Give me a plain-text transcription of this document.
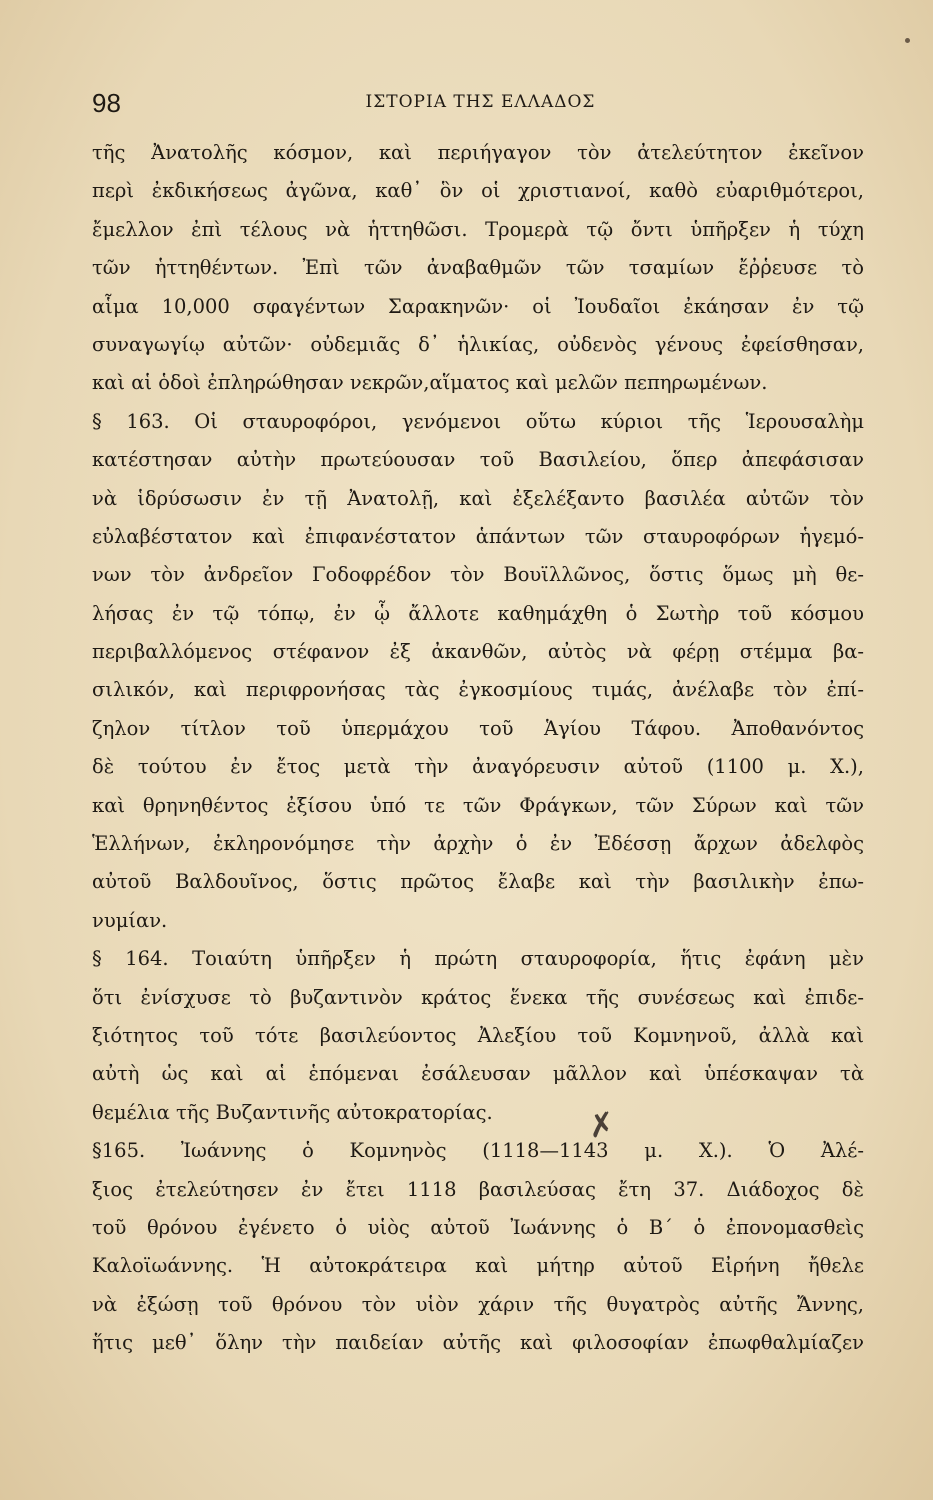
98	ΙΣΤΟΡΙΑ ΤΗΣ ΕΛΛΑΔΟΣ
τῆς Ἀνατολῆς κόσμον, καὶ περιήγαγον τὸν ἀτελεύτητον ἐκεῖνον
περὶ ἐκδικήσεως ἀγῶνα, καθ᾽ ὃν οἱ χριστιανοί, καθὸ εὐαριθμότεροι,
ἔμελλον ἐπὶ τέλους νὰ ἡττηθῶσι. Τρομερὰ τῷ ὄντι ὑπῆρξεν ἡ τύχη
τῶν ἡττηθέντων. Ἐπὶ τῶν ἀναβαθμῶν τῶν τσαμίων ἔῤῥευσε τὸ
αἷμα 10,000 σφαγέντων Σαρακηνῶν· οἱ Ἰουδαῖοι ἐκάησαν ἐν τῷ
συναγωγίῳ αὐτῶν· οὐδεμιᾶς δ᾽ ἡλικίας, οὐδενὸς γένους ἐφείσθησαν,
καὶ αἱ ὁδοὶ ἐπληρώθησαν νεκρῶν,αἵματος καὶ μελῶν πεπηρωμένων.
§ 163. Οἱ σταυροφόροι, γενόμενοι οὕτω κύριοι τῆς Ἱερουσαλὴμ
κατέστησαν αὐτὴν πρωτεύουσαν τοῦ Βασιλείου, ὅπερ ἀπεφάσισαν
νὰ ἱδρύσωσιν ἐν τῇ Ἀνατολῇ, καὶ ἐξελέξαντο βασιλέα αὐτῶν τὸν
εὐλαβέστατον καὶ ἐπιφανέστατον ἁπάντων τῶν σταυροφόρων ἡγεμό-
νων τὸν ἀνδρεῖον Γοδοφρέδον τὸν Βουϊλλῶνος, ὅστις ὅμως μὴ θε-
λήσας ἐν τῷ τόπῳ, ἐν ᾧ ἄλλοτε καθημάχθη ὁ Σωτὴρ τοῦ κόσμου
περιβαλλόμενος στέφανον ἐξ ἀκανθῶν, αὐτὸς νὰ φέρῃ στέμμα βα-
σιλικόν, καὶ περιφρονήσας τὰς ἐγκοσμίους τιμάς, ἀνέλαβε τὸν ἐπί-
ζηλον τίτλον τοῦ ὑπερμάχου τοῦ Ἁγίου Τάφου. Ἀποθανόντος
δὲ τούτου ἐν ἔτος μετὰ τὴν ἀναγόρευσιν αὐτοῦ (1100 μ. Χ.),
καὶ θρηνηθέντος ἐξίσου ὑπό τε τῶν Φράγκων, τῶν Σύρων καὶ τῶν
Ἑλλήνων, ἐκληρονόμησε τὴν ἀρχὴν ὁ ἐν Ἐδέσσῃ ἄρχων ἀδελφὸς
αὐτοῦ Βαλδουῖνος, ὅστις πρῶτος ἔλαβε καὶ τὴν βασιλικὴν ἐπω-
νυμίαν.
§ 164. Τοιαύτη ὑπῆρξεν ἡ πρώτη σταυροφορία, ἥτις ἐφάνη μὲν
ὅτι ἐνίσχυσε τὸ βυζαντινὸν κράτος ἕνεκα τῆς συνέσεως καὶ ἐπιδε-
ξιότητος τοῦ τότε βασιλεύοντος Ἀλεξίου τοῦ Κομνηνοῦ, ἀλλὰ καὶ
αὐτὴ ὡς καὶ αἱ ἑπόμεναι ἐσάλευσαν μᾶλλον καὶ ὑπέσκαψαν τὰ
θεμέλια τῆς Βυζαντινῆς αὐτοκρατορίας.
§165. Ἰωάννης ὁ Κομνηνὸς (1118—1143 μ. Χ.). Ὁ Ἀλέ-
ξιος ἐτελεύτησεν ἐν ἔτει 1118 βασιλεύσας ἔτη 37. Διάδοχος δὲ
τοῦ θρόνου ἐγένετο ὁ υἱὸς αὐτοῦ Ἰωάννης ὁ Β΄ ὁ ἐπονομασθεὶς
Καλοϊωάννης. Ἡ αὐτοκράτειρα καὶ μήτηρ αὐτοῦ Εἰρήνη ἤθελε
νὰ ἐξώσῃ τοῦ θρόνου τὸν υἱὸν χάριν τῆς θυγατρὸς αὐτῆς Ἄννης,
ἥτις μεθ᾽ ὅλην τὴν παιδείαν αὐτῆς καὶ φιλοσοφίαν ἐπωφθαλμίαζεν
✗
